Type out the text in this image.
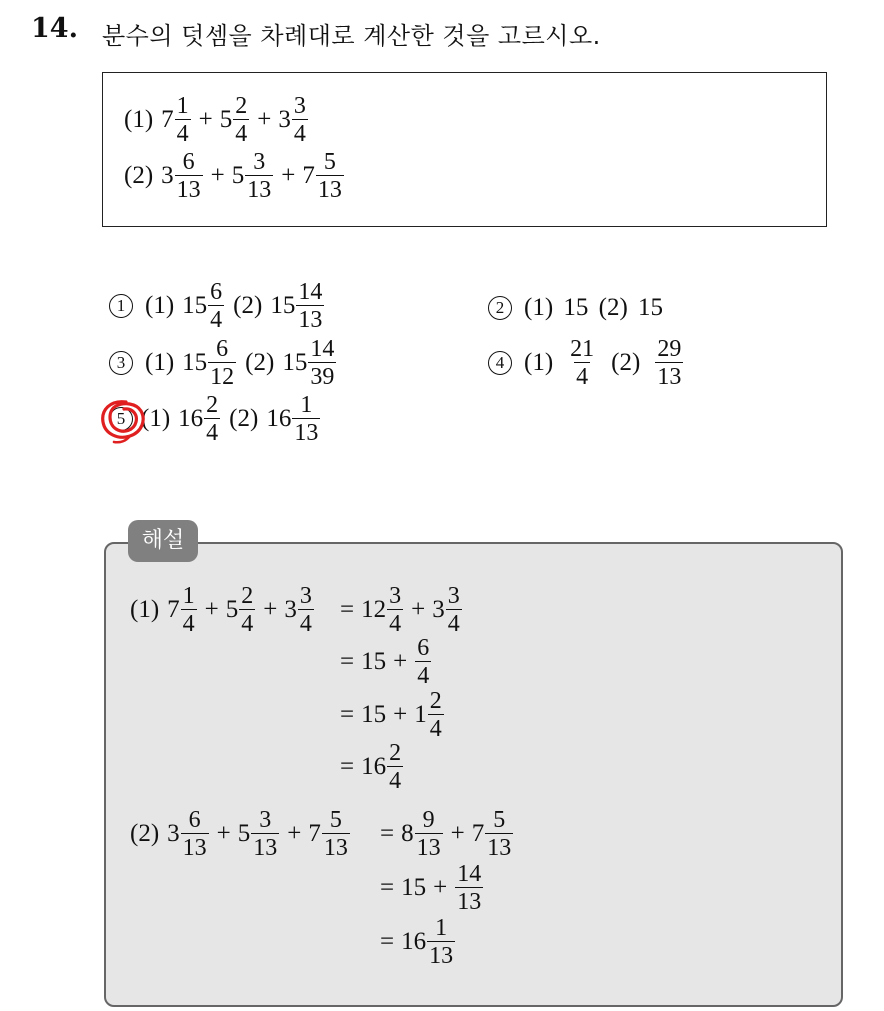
14. 분수의 덧셈을 차례대로 계산한 것을 고르시오.
(1) $7 \frac{1}{4} + 5 \frac{2}{4} + 3 \frac{3}{4}$
(2) $3 \frac{6}{13} + 5 \frac{3}{13} + 7 \frac{5}{13}$
1 (1) $15 \frac{6}{4} (2)$ $15 \frac{14}{13}$	2 (1) 15 (2) 15
3 (1) $15 \frac{6}{12} (2)$ $15 \frac{14}{39}$	4 $(1) \frac{21}{4} (2) \frac{29}{13}$
5 (1) $16 \frac{2}{4} (2)$ $16 \frac{1}{13}$
해설
(1) $7 \frac{1}{4} + 5 \frac{2}{4} + 3 \frac{3}{4} = 12 \frac{3}{4} + 3 \frac{3}{4}$
= $15 + \frac{6}{4}$
= $15 + 1 \frac{2}{4}$
= $16 \frac{2}{4}$
(2) $3 \frac{6}{13} + 5 \frac{3}{13} + 7 \frac{5}{13} = 8 \frac{9}{13} + 7 \frac{5}{13}$
= $15 + \frac{14}{13}$
= $16 \frac{1}{13}$
